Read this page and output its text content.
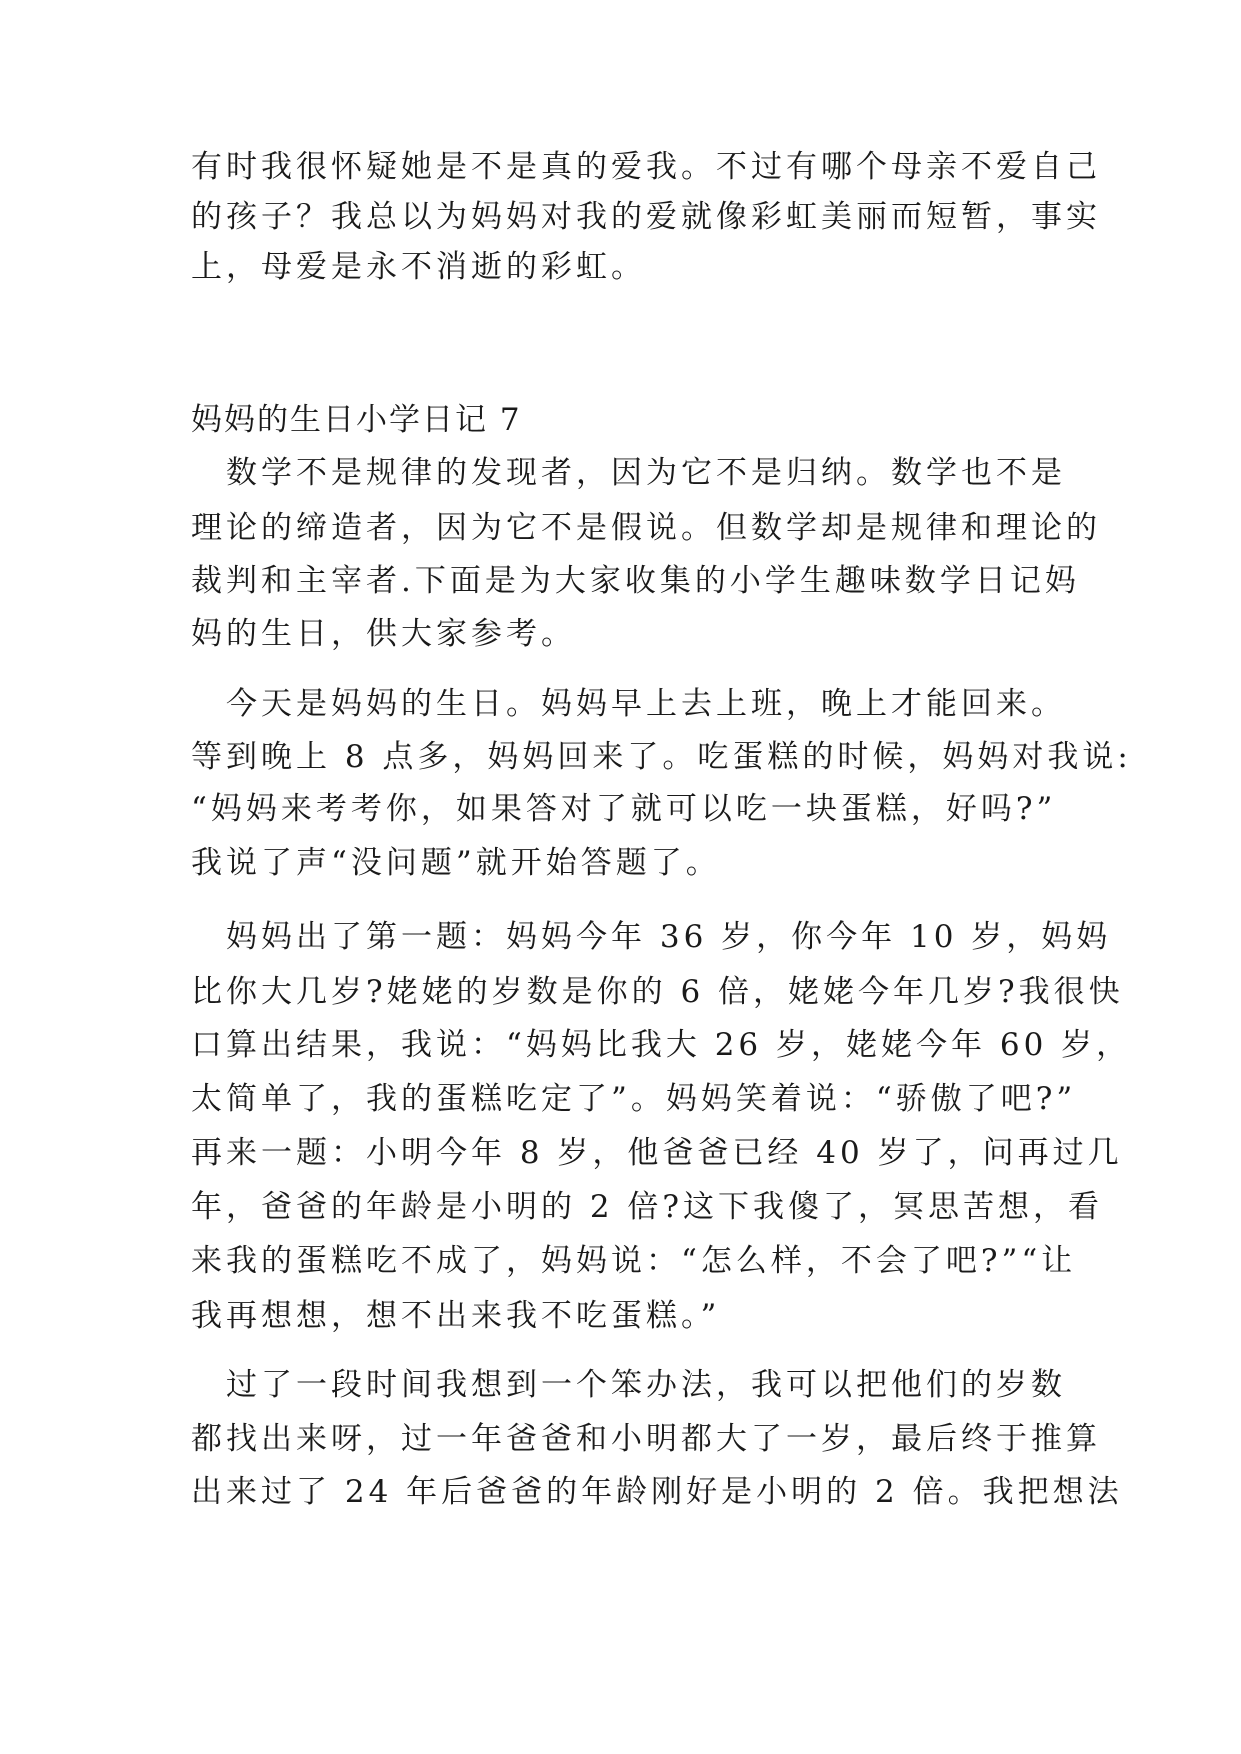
有时我很怀疑她是不是真的爱我。不过有哪个母亲不爱自己
的孩子？我总以为妈妈对我的爱就像彩虹美丽而短暂，事实
上，母爱是永不消逝的彩虹。
妈妈的生日小学日记 7
　数学不是规律的发现者，因为它不是归纳。数学也不是
理论的缔造者，因为它不是假说。但数学却是规律和理论的
裁判和主宰者.下面是为大家收集的小学生趣味数学日记妈
妈的生日，供大家参考。
　今天是妈妈的生日。妈妈早上去上班，晚上才能回来。
等到晚上 8 点多，妈妈回来了。吃蛋糕的时候，妈妈对我说:
“妈妈来考考你，如果答对了就可以吃一块蛋糕，好吗?”
我说了声“没问题”就开始答题了。
　妈妈出了第一题：妈妈今年 36 岁，你今年 10 岁，妈妈
比你大几岁?姥姥的岁数是你的 6 倍，姥姥今年几岁?我很快
口算出结果，我说：“妈妈比我大 26 岁，姥姥今年 60 岁，
太简单了，我的蛋糕吃定了”。妈妈笑着说：“骄傲了吧?”
再来一题：小明今年 8 岁，他爸爸已经 40 岁了，问再过几
年，爸爸的年龄是小明的 2 倍?这下我傻了，冥思苦想，看
来我的蛋糕吃不成了，妈妈说：“怎么样，不会了吧?”“让
我再想想，想不出来我不吃蛋糕。”
　过了一段时间我想到一个笨办法，我可以把他们的岁数
都找出来呀，过一年爸爸和小明都大了一岁，最后终于推算
出来过了 24 年后爸爸的年龄刚好是小明的 2 倍。我把想法
